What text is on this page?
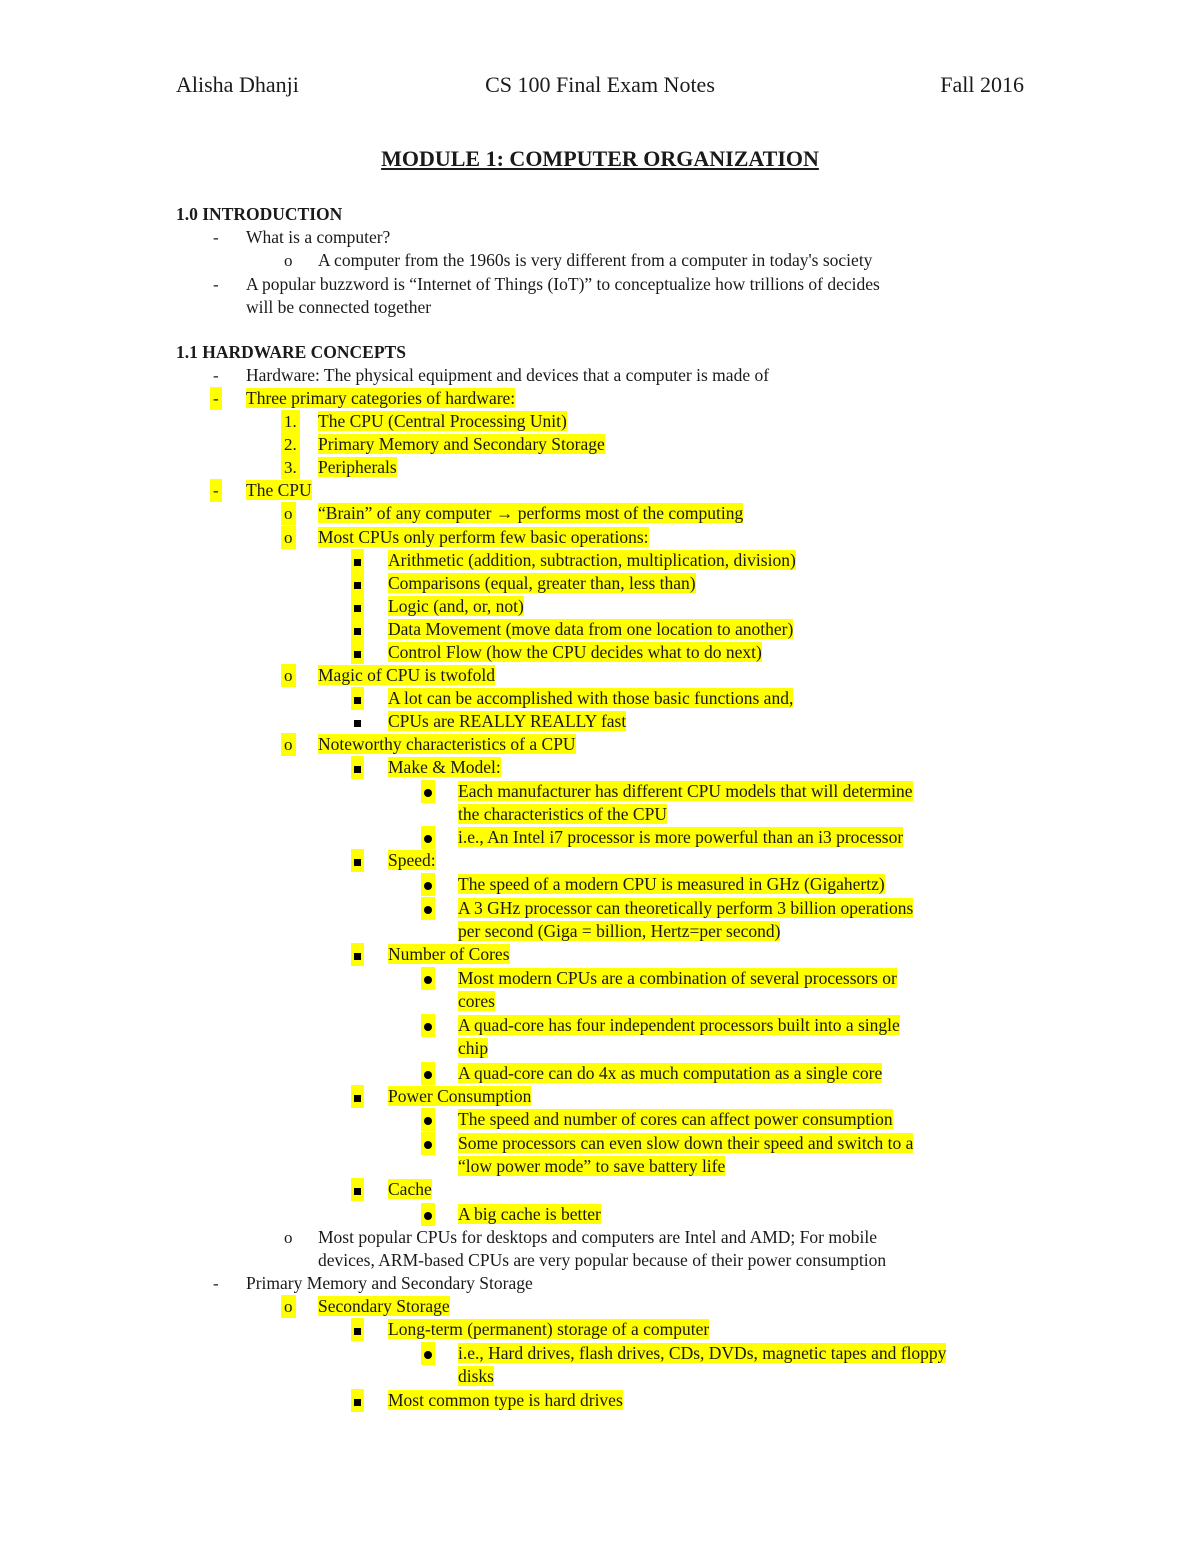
Alisha Dhanji	CS 100 Final Exam Notes	Fall 2016
MODULE 1: COMPUTER ORGANIZATION
1.0 INTRODUCTION
- What is a computer?
o A computer from the 1960s is very different from a computer in today's society
- A popular buzzword is “Internet of Things (IoT)” to conceptualize how trillions of decides
will be connected together
1.1 HARDWARE CONCEPTS
- Hardware: The physical equipment and devices that a computer is made of
- Three primary categories of hardware:
1. The CPU (Central Processing Unit)
2. Primary Memory and Secondary Storage
3. Peripherals
- The CPU
o “Brain” of any computer → performs most of the computing
o Most CPUs only perform few basic operations:
Arithmetic (addition, subtraction, multiplication, division)
Comparisons (equal, greater than, less than)
Logic (and, or, not)
Data Movement (move data from one location to another)
Control Flow (how the CPU decides what to do next)
o Magic of CPU is twofold
A lot can be accomplished with those basic functions and,
CPUs are REALLY REALLY fast
o Noteworthy characteristics of a CPU
Make & Model:
Each manufacturer has different CPU models that will determine
the characteristics of the CPU
i.e., An Intel i7 processor is more powerful than an i3 processor
Speed:
The speed of a modern CPU is measured in GHz (Gigahertz)
A 3 GHz processor can theoretically perform 3 billion operations
per second (Giga = billion, Hertz=per second)
Number of Cores
Most modern CPUs are a combination of several processors or
cores
A quad-core has four independent processors built into a single
chip
A quad-core can do 4x as much computation as a single core
Power Consumption
The speed and number of cores can affect power consumption
Some processors can even slow down their speed and switch to a
“low power mode” to save battery life
Cache
A big cache is better
o Most popular CPUs for desktops and computers are Intel and AMD; For mobile
devices, ARM-based CPUs are very popular because of their power consumption
- Primary Memory and Secondary Storage
o Secondary Storage
Long-term (permanent) storage of a computer
i.e., Hard drives, flash drives, CDs, DVDs, magnetic tapes and floppy
disks
Most common type is hard drives
